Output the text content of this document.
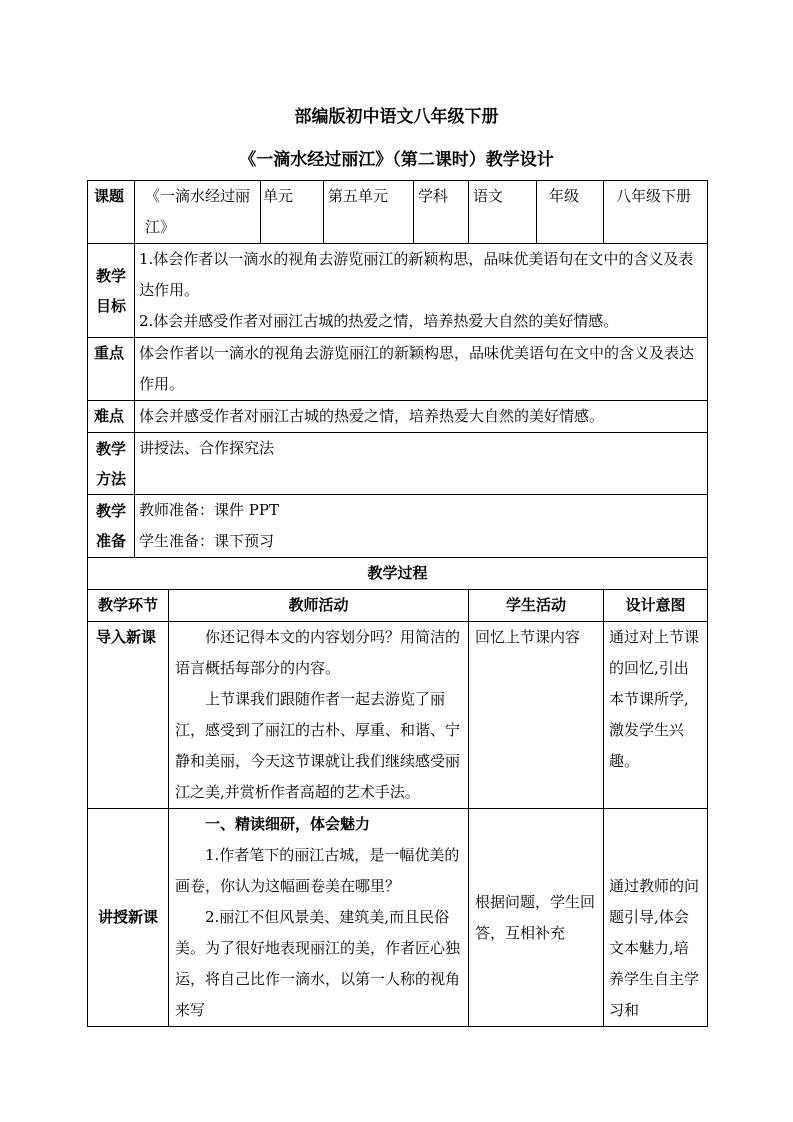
部编版初中语文八年级下册
《一滴水经过丽江》（第二课时）教学设计
课题	《一滴水经过丽江》		单元	第五单元	学科	语文	年级	八年级下册
教学目标	1.体会作者以一滴水的视角去游览丽江的新颖构思，品味优美语句在文中的含义及表达作用。
2.体会并感受作者对丽江古城的热爱之情，培养热爱大自然的美好情感。							

重点	体会作者以一滴水的视角去游览丽江的新颖构思，品味优美语句在文中的含义及表达作用。							
难点	体会并感受作者对丽江古城的热爱之情，培养热爱大自然的美好情感。							
教学方法	讲授法、合作探究法							
教学准备	教师准备：课件 PPT
学生准备：课下预习							

教学过程								
教学环节		教师活动				学生活动		设计意图
导入新课		你还记得本文的内容划分吗？用简洁的语言概括每部分的内容。

上节课我们跟随作者一起去游览了丽江，感受到了丽江的古朴、厚重、和谐、宁静和美丽，今天这节课就让我们继续感受丽江之美,并赏析作者高超的艺术手法。				回忆上节课内容		通过对上节课的回忆,引出本节课所学,激发学生兴趣。
讲授新课		一、精读细研，体会魅力

1.作者笔下的丽江古城，是一幅优美的画卷，你认为这幅画卷美在哪里？

2.丽江不但风景美、建筑美,而且民俗美。为了很好地表现丽江的美，作者匠心独运，将自己比作一滴水，以第一人称的视角来写				根据问题，学生回答，互相补充		通过教师的问题引导,体会文本魅力,培养学生自主学习和
